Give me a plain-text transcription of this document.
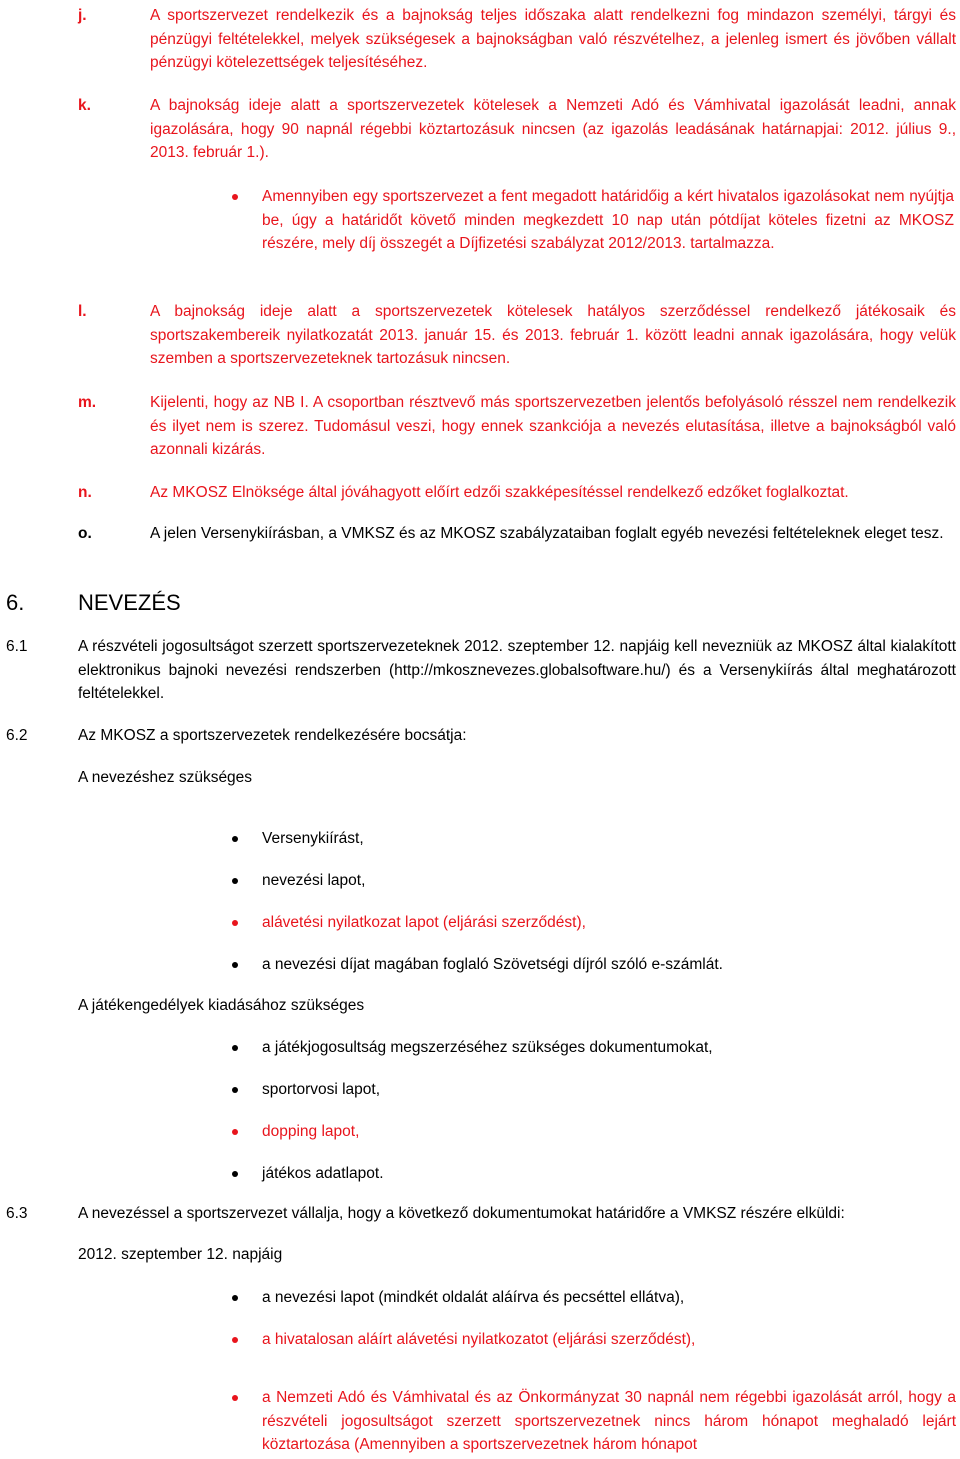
j.	A sportszervezet rendelkezik és a bajnokság teljes időszaka alatt rendelkezni fog mindazon személyi, tárgyi és pénzügyi feltételekkel, melyek szükségesek a bajnokságban való részvételhez, a jelenleg ismert és jövőben vállalt pénzügyi kötelezettségek teljesítéséhez.
k.	A bajnokság ideje alatt a sportszervezetek kötelesek a Nemzeti Adó és Vámhivatal igazolását leadni, annak igazolására, hogy 90 napnál régebbi köztartozásuk nincsen (az igazolás leadásának határnapjai: 2012. július 9., 2013. február 1.).
Amennyiben egy sportszervezet a fent megadott határidőig a kért hivatalos igazolásokat nem nyújtja be, úgy a határidőt követő minden megkezdett 10 nap után pótdíjat köteles fizetni az MKOSZ részére, mely díj összegét a Díjfizetési szabályzat 2012/2013. tartalmazza.
l.	A bajnokság ideje alatt a sportszervezetek kötelesek hatályos szerződéssel rendelkező játékosaik és sportszakembereik nyilatkozatát 2013. január 15. és 2013. február 1. között leadni annak igazolására, hogy velük szemben a sportszervezeteknek tartozásuk nincsen.
m.	Kijelenti, hogy az NB I. A csoportban résztvevő más sportszervezetben jelentős befolyásoló résszel nem rendelkezik és ilyet nem is szerez. Tudomásul veszi, hogy ennek szankciója a nevezés elutasítása, illetve a bajnokságból való azonnali kizárás.
n.	Az MKOSZ Elnöksége által jóváhagyott előírt edzői szakképesítéssel rendelkező edzőket foglalkoztat.
o.	A jelen Versenykiírásban, a VMKSZ és az MKOSZ szabályzataiban foglalt egyéb nevezési feltételeknek eleget tesz.
6. NEVEZÉS
6.1	A részvételi jogosultságot szerzett sportszervezeteknek 2012. szeptember 12. napjáig kell nevezniük az MKOSZ által kialakított elektronikus bajnoki nevezési rendszerben (http://mkosznevezes.globalsoftware.hu/) és a Versenykiírás által meghatározott feltételekkel.
6.2	Az MKOSZ a sportszervezetek rendelkezésére bocsátja:
A nevezéshez szükséges
Versenykiírást,
nevezési lapot,
alávetési nyilatkozat lapot (eljárási szerződést),
a nevezési díjat magában foglaló Szövetségi díjról szóló e-számlát.
A játékengedélyek kiadásához szükséges
a játékjogosultság megszerzéséhez szükséges dokumentumokat,
sportorvosi lapot,
dopping lapot,
játékos adatlapot.
6.3	A nevezéssel a sportszervezet vállalja, hogy a következő dokumentumokat határidőre a VMKSZ részére elküldi:
2012. szeptember 12. napjáig
a nevezési lapot (mindkét oldalát aláírva és pecséttel ellátva),
a hivatalosan aláírt alávetési nyilatkozatot (eljárási szerződést),
a Nemzeti Adó és Vámhivatal és az Önkormányzat 30 napnál nem régebbi igazolását arról, hogy a részvételi jogosultságot szerzett sportszervezetnek nincs három hónapot meghaladó lejárt köztartozása (Amennyiben a sportszervezetnek három hónapot
